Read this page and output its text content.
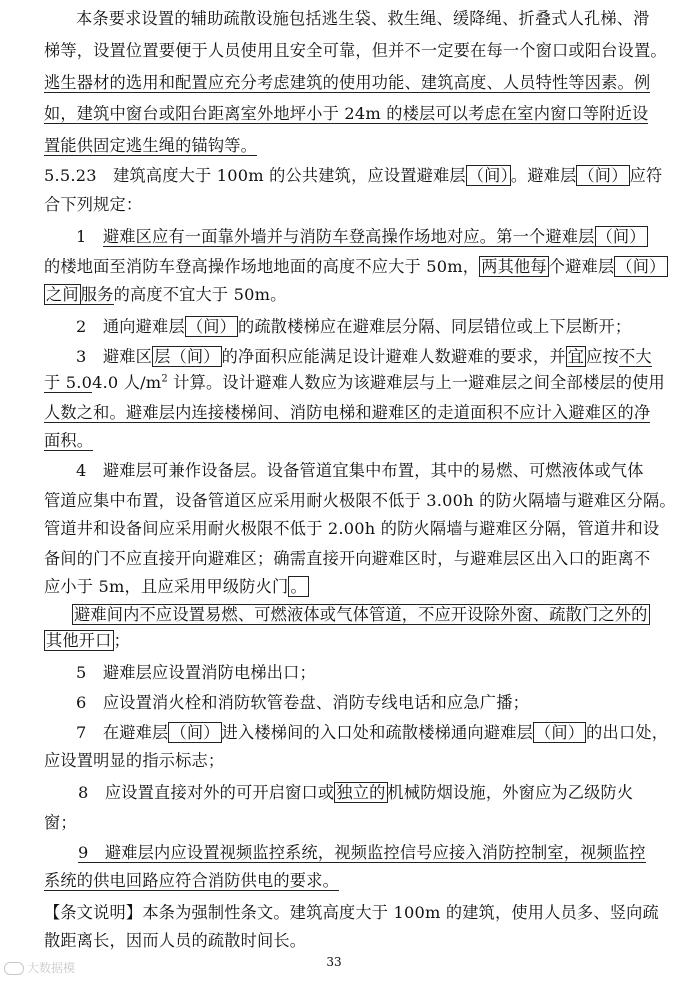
本条要求设置的辅助疏散设施包括逃生袋、救生绳、缓降绳、折叠式人孔梯、滑
梯等，设置位置要便于人员使用且安全可靠，但并不一定要在每一个窗口或阳台设置。
逃生器材的选用和配置应充分考虑建筑的使用功能、建筑高度、人员特性等因素。例
如，建筑中窗台或阳台距离室外地坪小于 24m 的楼层可以考虑在室内窗口等附近设
置能供固定逃生绳的锚钩等。
5.5.23　建筑高度大于 100m 的公共建筑，应设置避难层 （间） 。避难层 （间） 应符
合下列规定：
1　 避难区应有一面靠外墙并与消防车登高操作场地对应。第一个避难层 （间）
的楼地面至消防车登高操作场地地面的高度不应大于 50m， 两其他每 个避难层 （间）
之间 服务的高度不宜大于 50m。
2　 通向避难层 （间） 的疏散楼梯应在避难层分隔、同层错位或上下层断开；
3　 避难区 层（间） 的净面积应能满足设计避难人数避难的要求，并 宜 应按不大
于 5.04.0 人$/m^2$ 计算。设计避难人数应为该避难层与上一避难层之间全部楼层的使用
人数之和。避难层内连接楼梯间、消防电梯和避难区的走道面积不应计入避难区的净
面积。
4　 避难层可兼作设备层。设备管道宜集中布置，其中的易燃、可燃液体或气体
管道应集中布置，设备管道区应采用耐火极限不低于 3.00h 的防火隔墙与避难区分隔。
管道井和设备间应采用耐火极限不低于 2.00h 的防火隔墙与避难区分隔，管道井和设
备间的门不应直接开向避难区；确需直接开向避难区时，与避难层区出入口的距离不
应小于 5m，且应采用甲级防火门 。
避难间内不应设置易燃、可燃液体或气体管道，不应开设除外窗、疏散门之外的
其他开口 ；
5　 避难层应设置消防电梯出口；
6　 应设置消火栓和消防软管卷盘、消防专线电话和应急广播；
7　 在避难层 （间） 进入楼梯间的入口处和疏散楼梯通向避难层 （间） 的出口处，
应设置明显的指示标志；
8　 应设置直接对外的可开启窗口或 独立的 机械防烟设施，外窗应为乙级防火
窗；
9　 避难层内应设置视频监控系统，视频监控信号应接入消防控制室，视频监控
系统的供电回路应符合消防供电的要求。
【条文说明】本条为强制性条文。建筑高度大于 100m 的建筑，使用人员多、竖向疏
散距离长，因而人员的疏散时间长。
33
大数据模
